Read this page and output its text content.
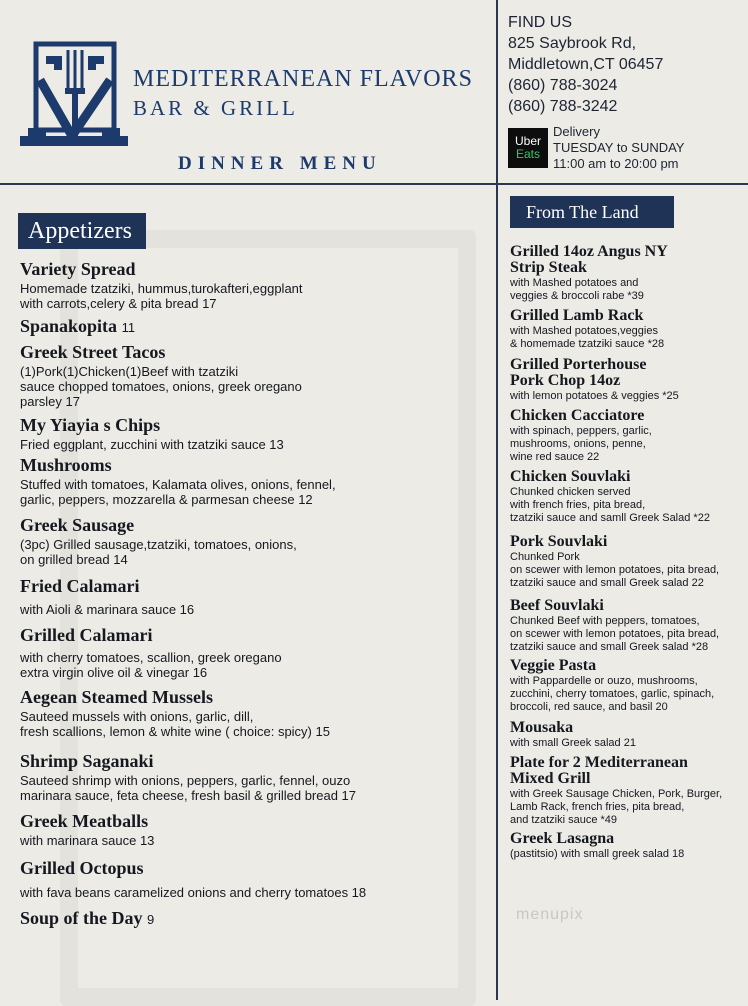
MEDITERRANEAN FLAVORS
BAR & GRILL
DINNER MENU
FIND US
825 Saybrook Rd,
Middletown,CT 06457
(860) 788-3024
(860) 788-3242
Uber
Eats
Delivery
TUESDAY to SUNDAY
11:00 am to 20:00 pm
Appetizers
From The Land
Variety Spread
Homemade tzatziki, hummus,turokafteri,eggplant
with carrots,celery & pita bread 17
Spanakopita 11
Greek Street Tacos
(1)Pork(1)Chicken(1)Beef with tzatziki
sauce chopped tomatoes, onions, greek oregano
parsley 17
My Yiayia s Chips
Fried eggplant, zucchini with tzatziki sauce 13
Mushrooms
Stuffed with tomatoes, Kalamata olives, onions, fennel,
garlic, peppers, mozzarella & parmesan cheese 12
Greek Sausage
(3pc) Grilled sausage,tzatziki, tomatoes, onions,
on grilled bread 14
Fried Calamari
with Aioli & marinara sauce 16
Grilled Calamari
with cherry tomatoes, scallion, greek oregano
extra virgin olive oil & vinegar 16
Aegean Steamed Mussels
Sauteed mussels with onions, garlic, dill,
fresh scallions, lemon & white wine ( choice: spicy) 15
Shrimp Saganaki
Sauteed shrimp with onions, peppers, garlic, fennel, ouzo
marinara sauce, feta cheese, fresh basil & grilled bread 17
Greek Meatballs
with marinara sauce 13
Grilled Octopus
with fava beans caramelized onions and cherry tomatoes 18
Soup of the Day 9
Grilled 14oz Angus NY
Strip Steak
with Mashed potatoes and
veggies & broccoli rabe *39
Grilled Lamb Rack
with Mashed potatoes,veggies
& homemade tzatziki sauce *28
Grilled Porterhouse
Pork Chop 14oz
with lemon potatoes & veggies *25
Chicken Cacciatore
with spinach, peppers, garlic,
mushrooms, onions, penne,
wine red sauce 22
Chicken Souvlaki
Chunked chicken served
with french fries, pita bread,
tzatziki sauce and samll Greek Salad *22
Pork Souvlaki
Chunked Pork
on scewer with lemon potatoes, pita bread,
tzatziki sauce and small Greek salad 22
Beef Souvlaki
Chunked Beef with peppers, tomatoes,
on scewer with lemon potatoes, pita bread,
tzatziki sauce and small Greek salad *28
Veggie Pasta
with Pappardelle or ouzo, mushrooms,
zucchini, cherry tomatoes, garlic, spinach,
broccoli, red sauce, and basil 20
Mousaka
with small Greek salad 21
Plate for 2 Mediterranean
Mixed Grill
with Greek Sausage Chicken, Pork, Burger,
Lamb Rack, french fries, pita bread,
and tzatziki sauce *49
Greek Lasagna
(pastitsio) with small greek salad 18
menupix
